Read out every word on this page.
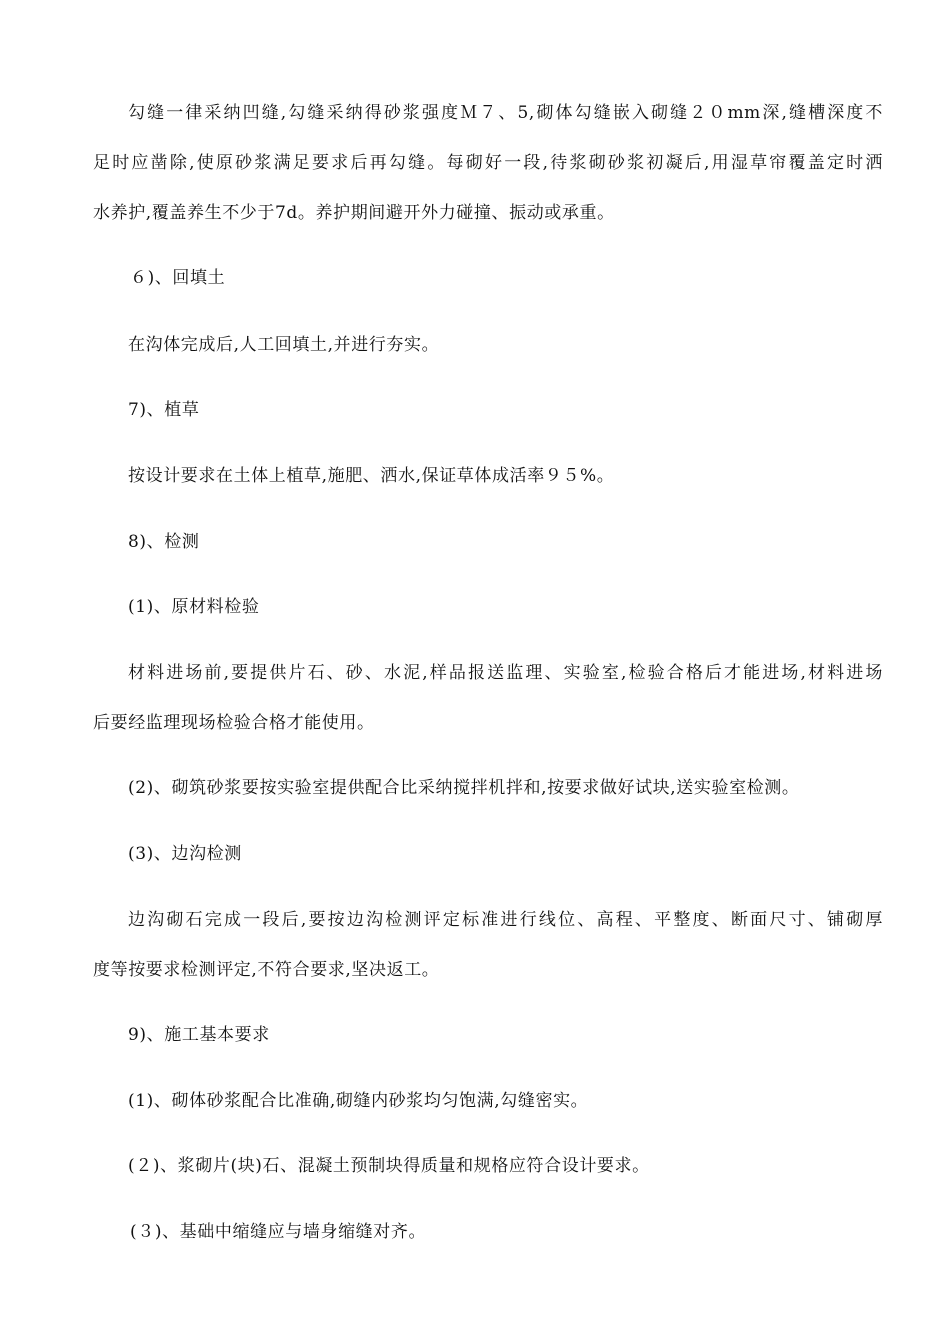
勾缝一律采纳凹缝,勾缝采纳得砂浆强度Ｍ７、5,砌体勾缝嵌入砌缝２０mm深,缝槽深度不
足时应凿除,使原砂浆满足要求后再勾缝。每砌好一段,待浆砌砂浆初凝后,用湿草帘覆盖定时洒
水养护,覆盖养生不少于7d。养护期间避开外力碰撞、振动或承重。
６)、回填土
在沟体完成后,人工回填土,并进行夯实。
7)、植草
按设计要求在土体上植草,施肥、洒水,保证草体成活率９５%。
8)、检测
(1)、原材料检验
材料进场前,要提供片石、砂、水泥,样品报送监理、实验室,检验合格后才能进场,材料进场
后要经监理现场检验合格才能使用。
(2)、砌筑砂浆要按实验室提供配合比采纳搅拌机拌和,按要求做好试块,送实验室检测。
(3)、边沟检测
边沟砌石完成一段后,要按边沟检测评定标准进行线位、高程、平整度、断面尺寸、铺砌厚
度等按要求检测评定,不符合要求,坚决返工。
9)、施工基本要求
(1)、砌体砂浆配合比准确,砌缝内砂浆均匀饱满,勾缝密实。
(２)、浆砌片(块)石、混凝土预制块得质量和规格应符合设计要求。
(３)、基础中缩缝应与墙身缩缝对齐。
